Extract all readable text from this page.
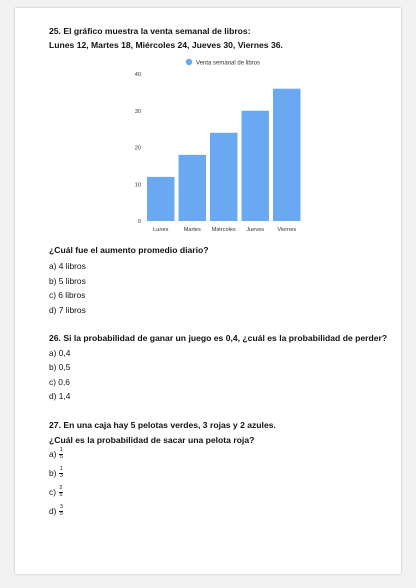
25. El gráfico muestra la venta semanal de libros:

Lunes 12, Martes 18, Miércoles 24, Jueves 30, Viernes 36.

Venta semanal de libros
0
10
20
30
40
Lunes	Martes Miércoles Jueves Viernes

¿Cuál fue el aumento promedio diario?

a) 4 libros
b) 5 libros
c) 6 libros
d) 7 libros

26. Si la probabilidad de ganar un juego es 0,4, ¿cuál es la probabilidad de perder?

a) 0,4
b) 0,5
c) 0,6
d) 1,4

27. En una caja hay 5 pelotas verdes, 3 rojas y 2 azules.

¿Cuál es la probabilidad de sacar una pelota roja?

$a) \frac{1}{5}$
$b) \frac{1}{3}$
$c) \frac{2}{5}$
$d) \frac{3}{5}$
